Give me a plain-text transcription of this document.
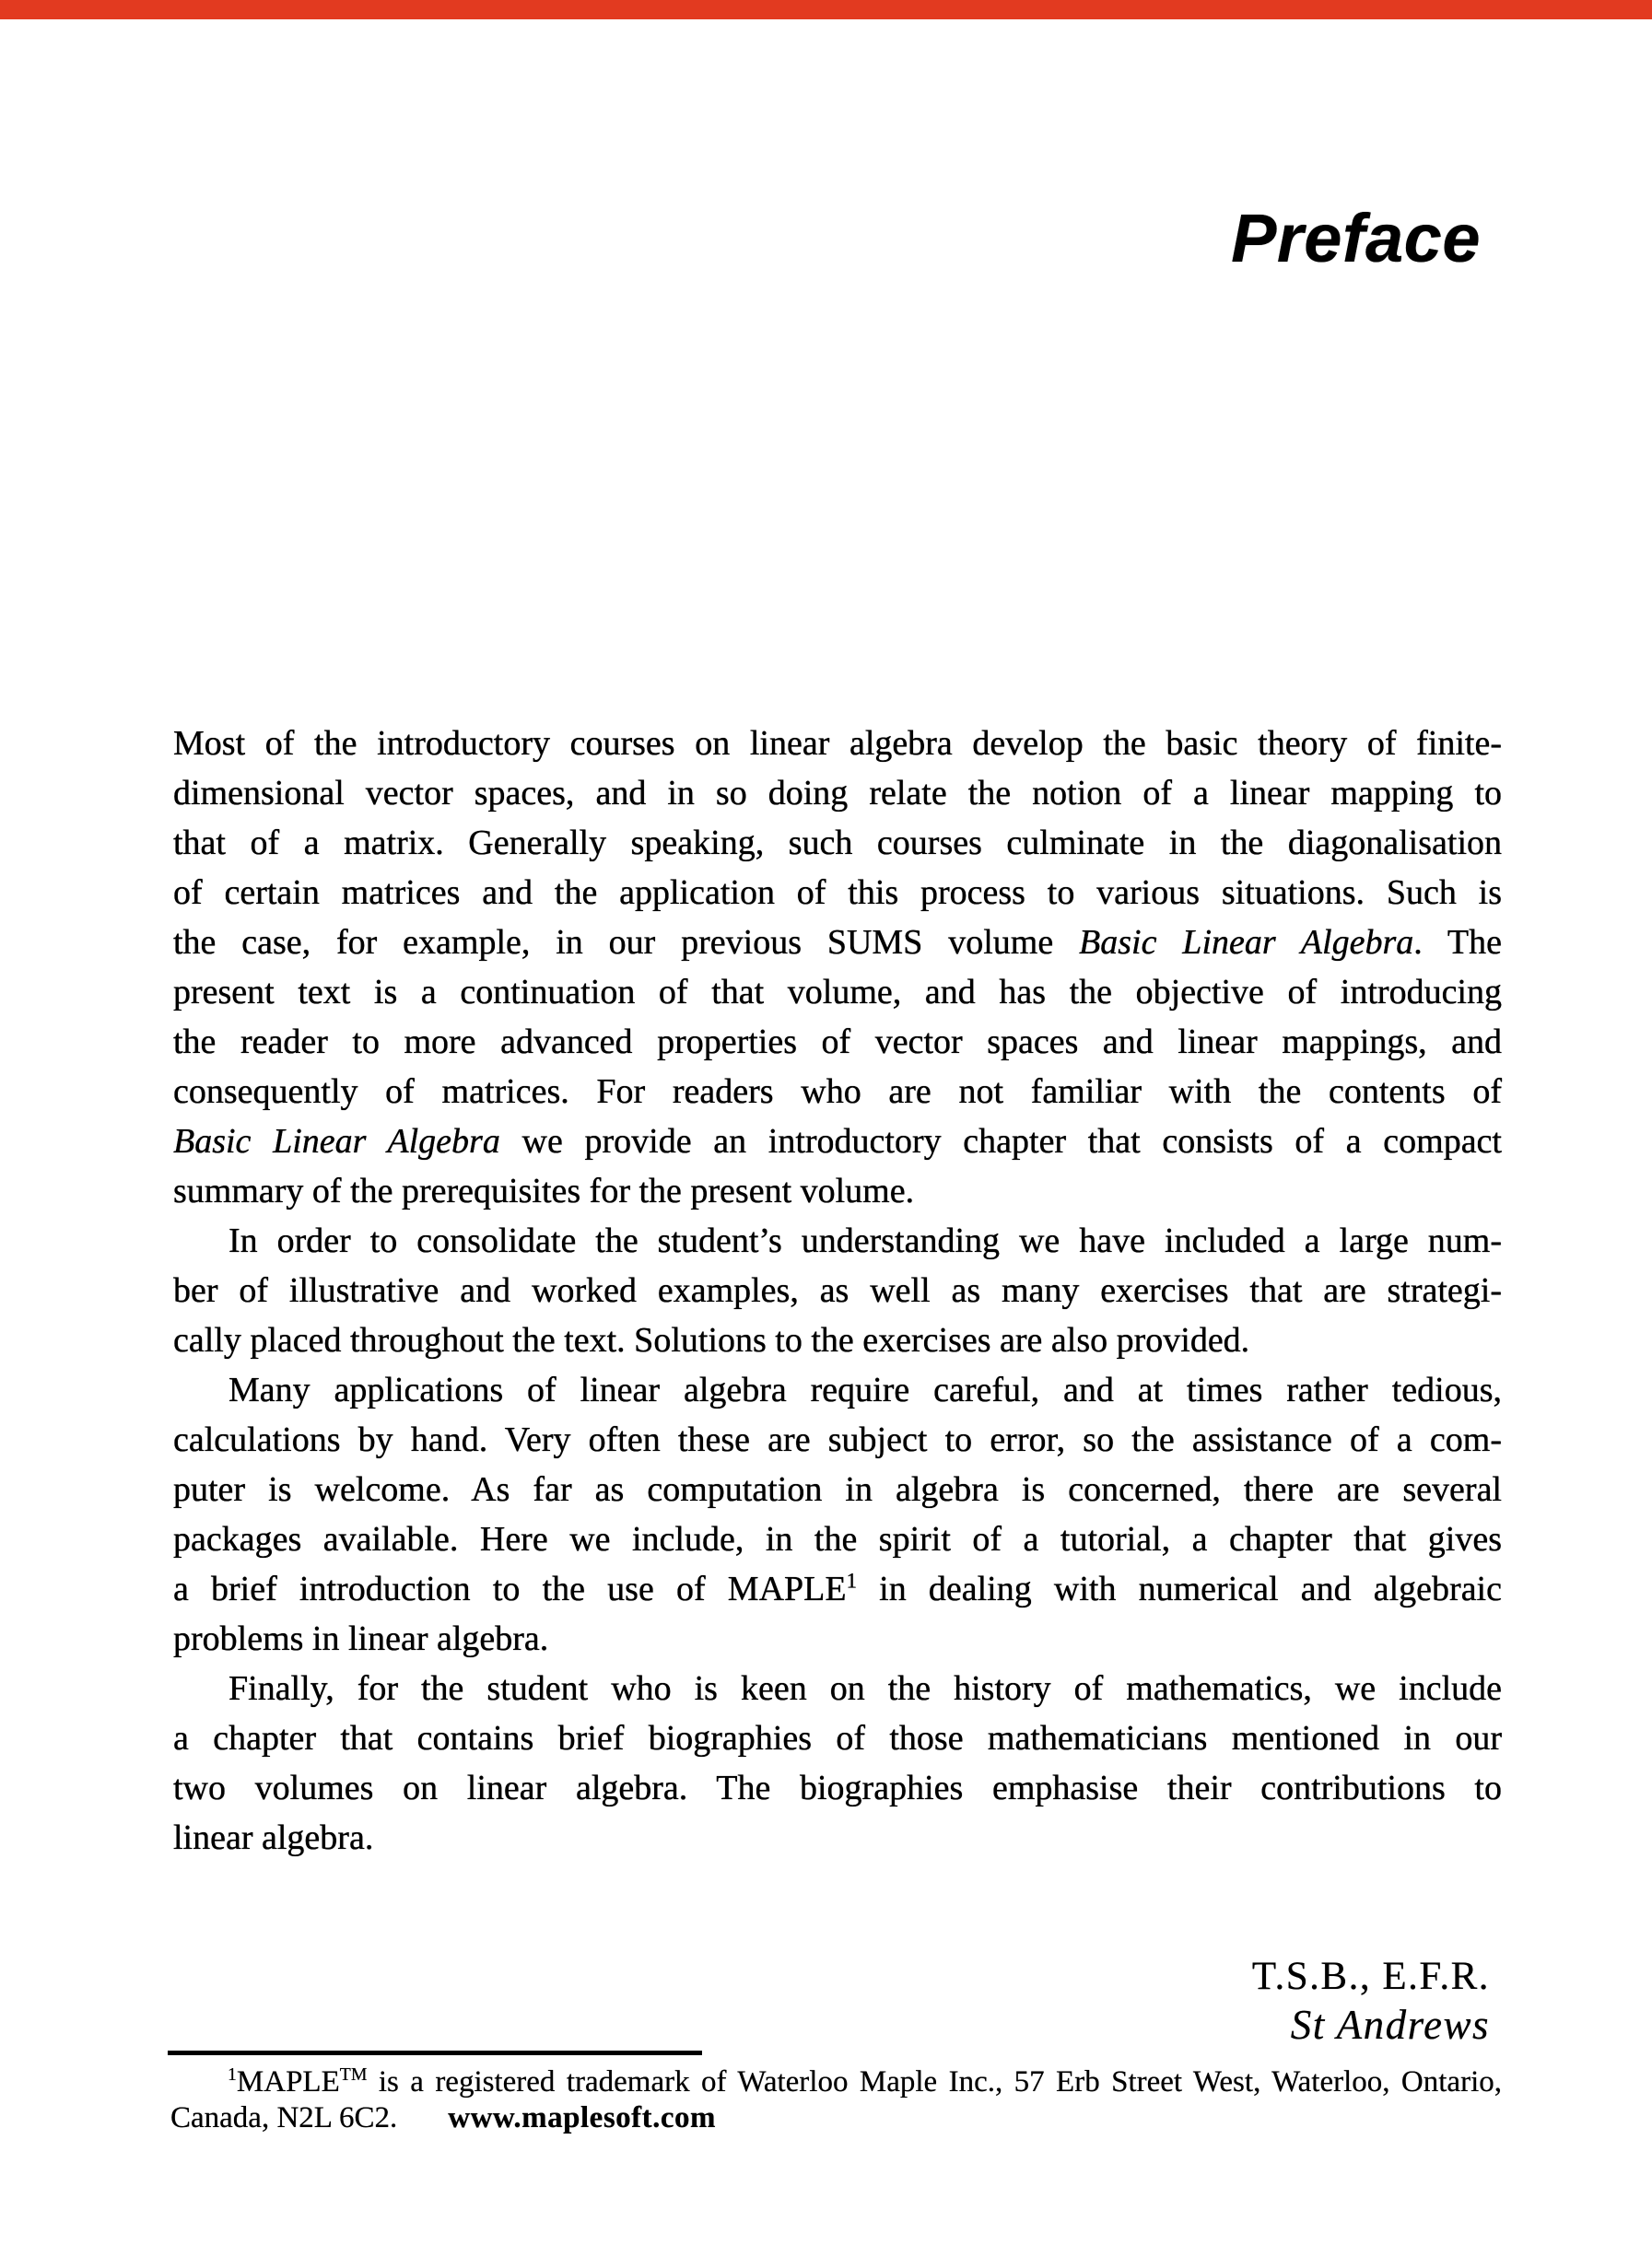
Preface

Most of the introductory courses on linear algebra develop the basic theory of finite-
dimensional vector spaces, and in so doing relate the notion of a linear mapping to
that of a matrix. Generally speaking, such courses culminate in the diagonalisation
of certain matrices and the application of this process to various situations. Such is
the case, for example, in our previous SUMS volume Basic Linear Algebra. The
present text is a continuation of that volume, and has the objective of introducing
the reader to more advanced properties of vector spaces and linear mappings, and
consequently of matrices. For readers who are not familiar with the contents of
Basic Linear Algebra we provide an introductory chapter that consists of a compact
summary of the prerequisites for the present volume.

In order to consolidate the student’s understanding we have included a large num-
ber of illustrative and worked examples, as well as many exercises that are strategi-
cally placed throughout the text. Solutions to the exercises are also provided.

Many applications of linear algebra require careful, and at times rather tedious,
calculations by hand. Very often these are subject to error, so the assistance of a com-
puter is welcome. As far as computation in algebra is concerned, there are several
packages available. Here we include, in the spirit of a tutorial, a chapter that gives
a brief introduction to the use of MAPLE$^1$ in dealing with numerical and algebraic
problems in linear algebra.

Finally, for the student who is keen on the history of mathematics, we include
a chapter that contains brief biographies of those mathematicians mentioned in our
two volumes on linear algebra. The biographies emphasise their contributions to
linear algebra.

T.S.B., E.F.R.
St Andrews
$^1$MAPLE™ is a registered trademark of Waterloo Maple Inc., 57 Erb Street West, Waterloo, Ontario,
Canada, N2L 6C2. www.maplesoft.com
